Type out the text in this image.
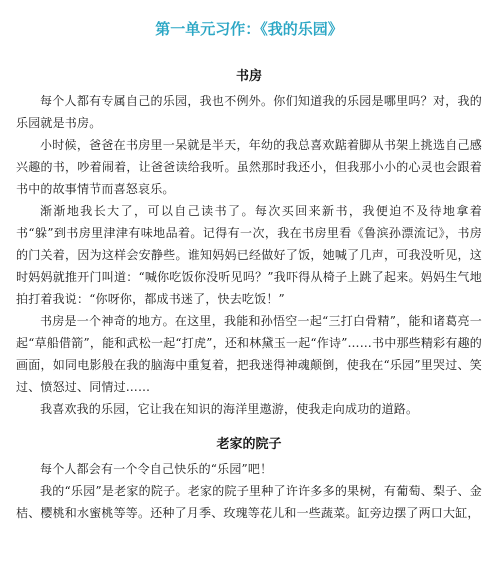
第一单元习作：《我的乐园》
书房

每个人都有专属自己的乐园，我也不例外。你们知道我的乐园是哪里吗？对，我的乐园就是书房。

小时候，爸爸在书房里一呆就是半天，年幼的我总喜欢踮着脚从书架上挑选自己感兴趣的书，吵着闹着，让爸爸读给我听。虽然那时我还小，但我那小小的心灵也会跟着书中的故事情节而喜怒哀乐。

渐渐地我长大了，可以自己读书了。每次买回来新书，我便迫不及待地拿着书“躲”到书房里津津有味地品着。记得有一次，我在书房里看《鲁滨孙漂流记》，书房的门关着，因为这样会安静些。谁知妈妈已经做好了饭，她喊了几声，可我没听见，这时妈妈就推开门叫道：“喊你吃饭你没听见吗？”我吓得从椅子上跳了起来。妈妈生气地拍打着我说：“你呀你，都成书迷了，快去吃饭！”

书房是一个神奇的地方。在这里，我能和孙悟空一起“三打白骨精”，能和诸葛亮一起“草船借箭”，能和武松一起“打虎”，还和林黛玉一起“作诗”……书中那些精彩有趣的画面，如同电影般在我的脑海中重复着，把我迷得神魂颠倒，使我在“乐园”里哭过、笑过、愤怒过、同情过……

我喜欢我的乐园，它让我在知识的海洋里遨游，使我走向成功的道路。

老家的院子

每个人都会有一个令自己快乐的“乐园”吧！

我的“乐园”是老家的院子。老家的院子里种了许许多多的果树，有葡萄、梨子、金桔、樱桃和水蜜桃等等。还种了月季、玫瑰等花儿和一些蔬菜。缸旁边摆了两口大缸，
